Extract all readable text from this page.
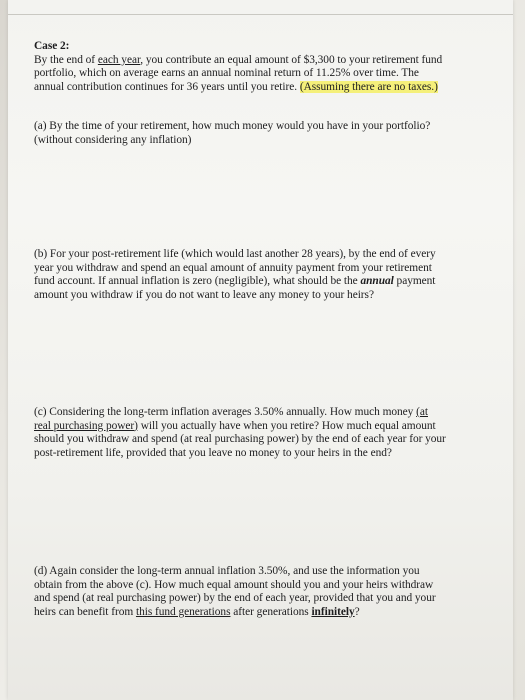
Case 2:
By the end of each year, you contribute an equal amount of $3,300 to your retirement fund
portfolio, which on average earns an annual nominal return of 11.25% over time. The
annual contribution continues for 36 years until you retire. (Assuming there are no taxes.)
(a) By the time of your retirement, how much money would you have in your portfolio?
(without considering any inflation)
(b) For your post-retirement life (which would last another 28 years), by the end of every
year you withdraw and spend an equal amount of annuity payment from your retirement
fund account. If annual inflation is zero (negligible), what should be the annual payment
amount you withdraw if you do not want to leave any money to your heirs?
(c) Considering the long-term inflation averages 3.50% annually. How much money (at
real purchasing power) will you actually have when you retire? How much equal amount
should you withdraw and spend (at real purchasing power) by the end of each year for your
post-retirement life, provided that you leave no money to your heirs in the end?
(d) Again consider the long-term annual inflation 3.50%, and use the information you
obtain from the above (c). How much equal amount should you and your heirs withdraw
and spend (at real purchasing power) by the end of each year, provided that you and your
heirs can benefit from this fund generations after generations infinitely?
